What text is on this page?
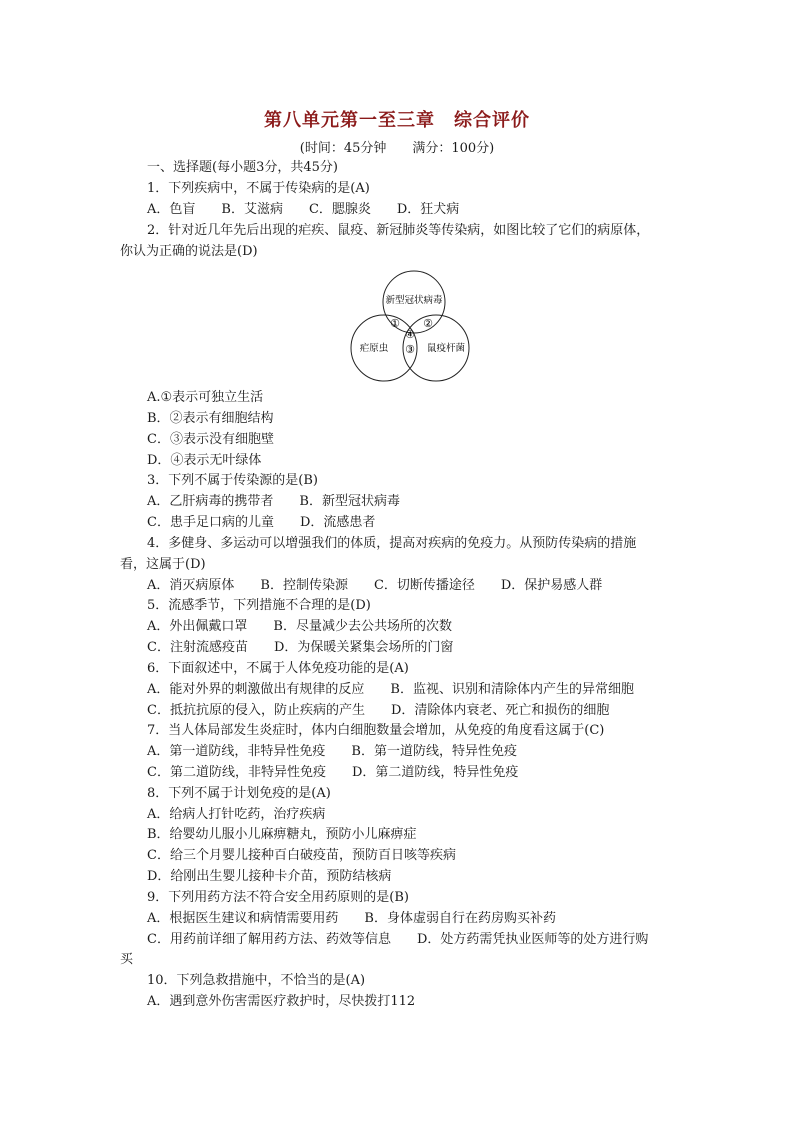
第八单元第一至三章　综合评价
(时间：45分钟　　满分：100分)
一、选择题(每小题3分，共45分)
1．下列疾病中，不属于传染病的是(A)
A．色盲　　B．艾滋病　　C．腮腺炎　　D．狂犬病
2．针对近几年先后出现的疟疾、鼠疫、新冠肺炎等传染病，如图比较了它们的病原体，
你认为正确的说法是(D)
新型冠状病毒
疟原虫	鼠疫杆菌
① ②
④
③
A.①表示可独立生活
B．②表示有细胞结构
C．③表示没有细胞壁
D．④表示无叶绿体
3．下列不属于传染源的是(B)
A．乙肝病毒的携带者　　B．新型冠状病毒
C．患手足口病的儿童　　D．流感患者
4．多健身、多运动可以增强我们的体质，提高对疾病的免疫力。从预防传染病的措施
看，这属于(D)
A．消灭病原体　　B．控制传染源　　C．切断传播途径　　D．保护易感人群
5．流感季节，下列措施不合理的是(D)
A．外出佩戴口罩　　B．尽量减少去公共场所的次数
C．注射流感疫苗　　D．为保暖关紧集会场所的门窗
6．下面叙述中，不属于人体免疫功能的是(A)
A．能对外界的刺激做出有规律的反应　　B．监视、识别和清除体内产生的异常细胞
C．抵抗抗原的侵入，防止疾病的产生　　D．清除体内衰老、死亡和损伤的细胞
7．当人体局部发生炎症时，体内白细胞数量会增加，从免疫的角度看这属于(C)
A．第一道防线，非特异性免疫　　B．第一道防线，特异性免疫
C．第二道防线，非特异性免疫　　D．第二道防线，特异性免疫
8．下列不属于计划免疫的是(A)
A．给病人打针吃药，治疗疾病
B．给婴幼儿服小儿麻痹糖丸，预防小儿麻痹症
C．给三个月婴儿接种百白破疫苗，预防百日咳等疾病
D．给刚出生婴儿接种卡介苗，预防结核病
9．下列用药方法不符合安全用药原则的是(B)
A．根据医生建议和病情需要用药　　B．身体虚弱自行在药房购买补药
C．用药前详细了解用药方法、药效等信息　　D．处方药需凭执业医师等的处方进行购
买
10．下列急救措施中，不恰当的是(A)
A．遇到意外伤害需医疗救护时，尽快拨打112
